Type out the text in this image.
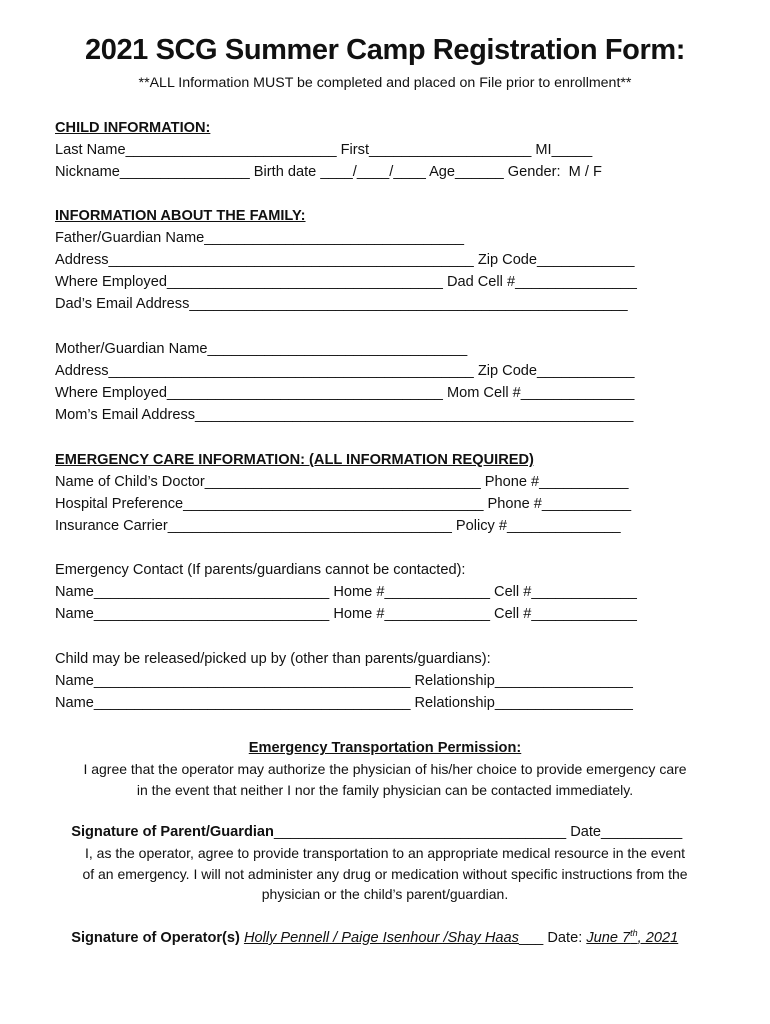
2021 SCG Summer Camp Registration Form:
**ALL Information MUST be completed and placed on File prior to enrollment**
CHILD INFORMATION:
Last Name__________________________ First____________________ MI_____
Nickname________________ Birth date ____/____/____ Age______ Gender:  M / F
INFORMATION ABOUT THE FAMILY:
Father/Guardian Name________________________________
Address_____________________________________________ Zip Code____________
Where Employed__________________________________ Dad Cell #_______________
Dad’s Email Address______________________________________________________
Mother/Guardian Name________________________________
Address_____________________________________________ Zip Code____________
Where Employed__________________________________ Mom Cell #______________
Mom’s Email Address______________________________________________________
EMERGENCY CARE INFORMATION: (ALL INFORMATION REQUIRED)
Name of Child’s Doctor__________________________________ Phone #___________
Hospital Preference_____________________________________ Phone #___________
Insurance Carrier___________________________________ Policy #______________
Emergency Contact (If parents/guardians cannot be contacted):
Name_____________________________ Home #_____________ Cell #_____________
Name_____________________________ Home #_____________ Cell #_____________
Child may be released/picked up by (other than parents/guardians):
Name_______________________________________ Relationship_________________
Name_______________________________________ Relationship_________________
Emergency Transportation Permission:
I agree that the operator may authorize the physician of his/her choice to provide emergency care
in the event that neither I nor the family physician can be contacted immediately.

Signature of Parent/Guardian____________________________________ Date__________

I, as the operator, agree to provide transportation to an appropriate medical resource in the event
of an emergency. I will not administer any drug or medication without specific instructions from the
physician or the child’s parent/guardian.

Signature of Operator(s) Holly Pennell / Paige Isenhour /Shay Haas___ Date: June 7th, 2021
